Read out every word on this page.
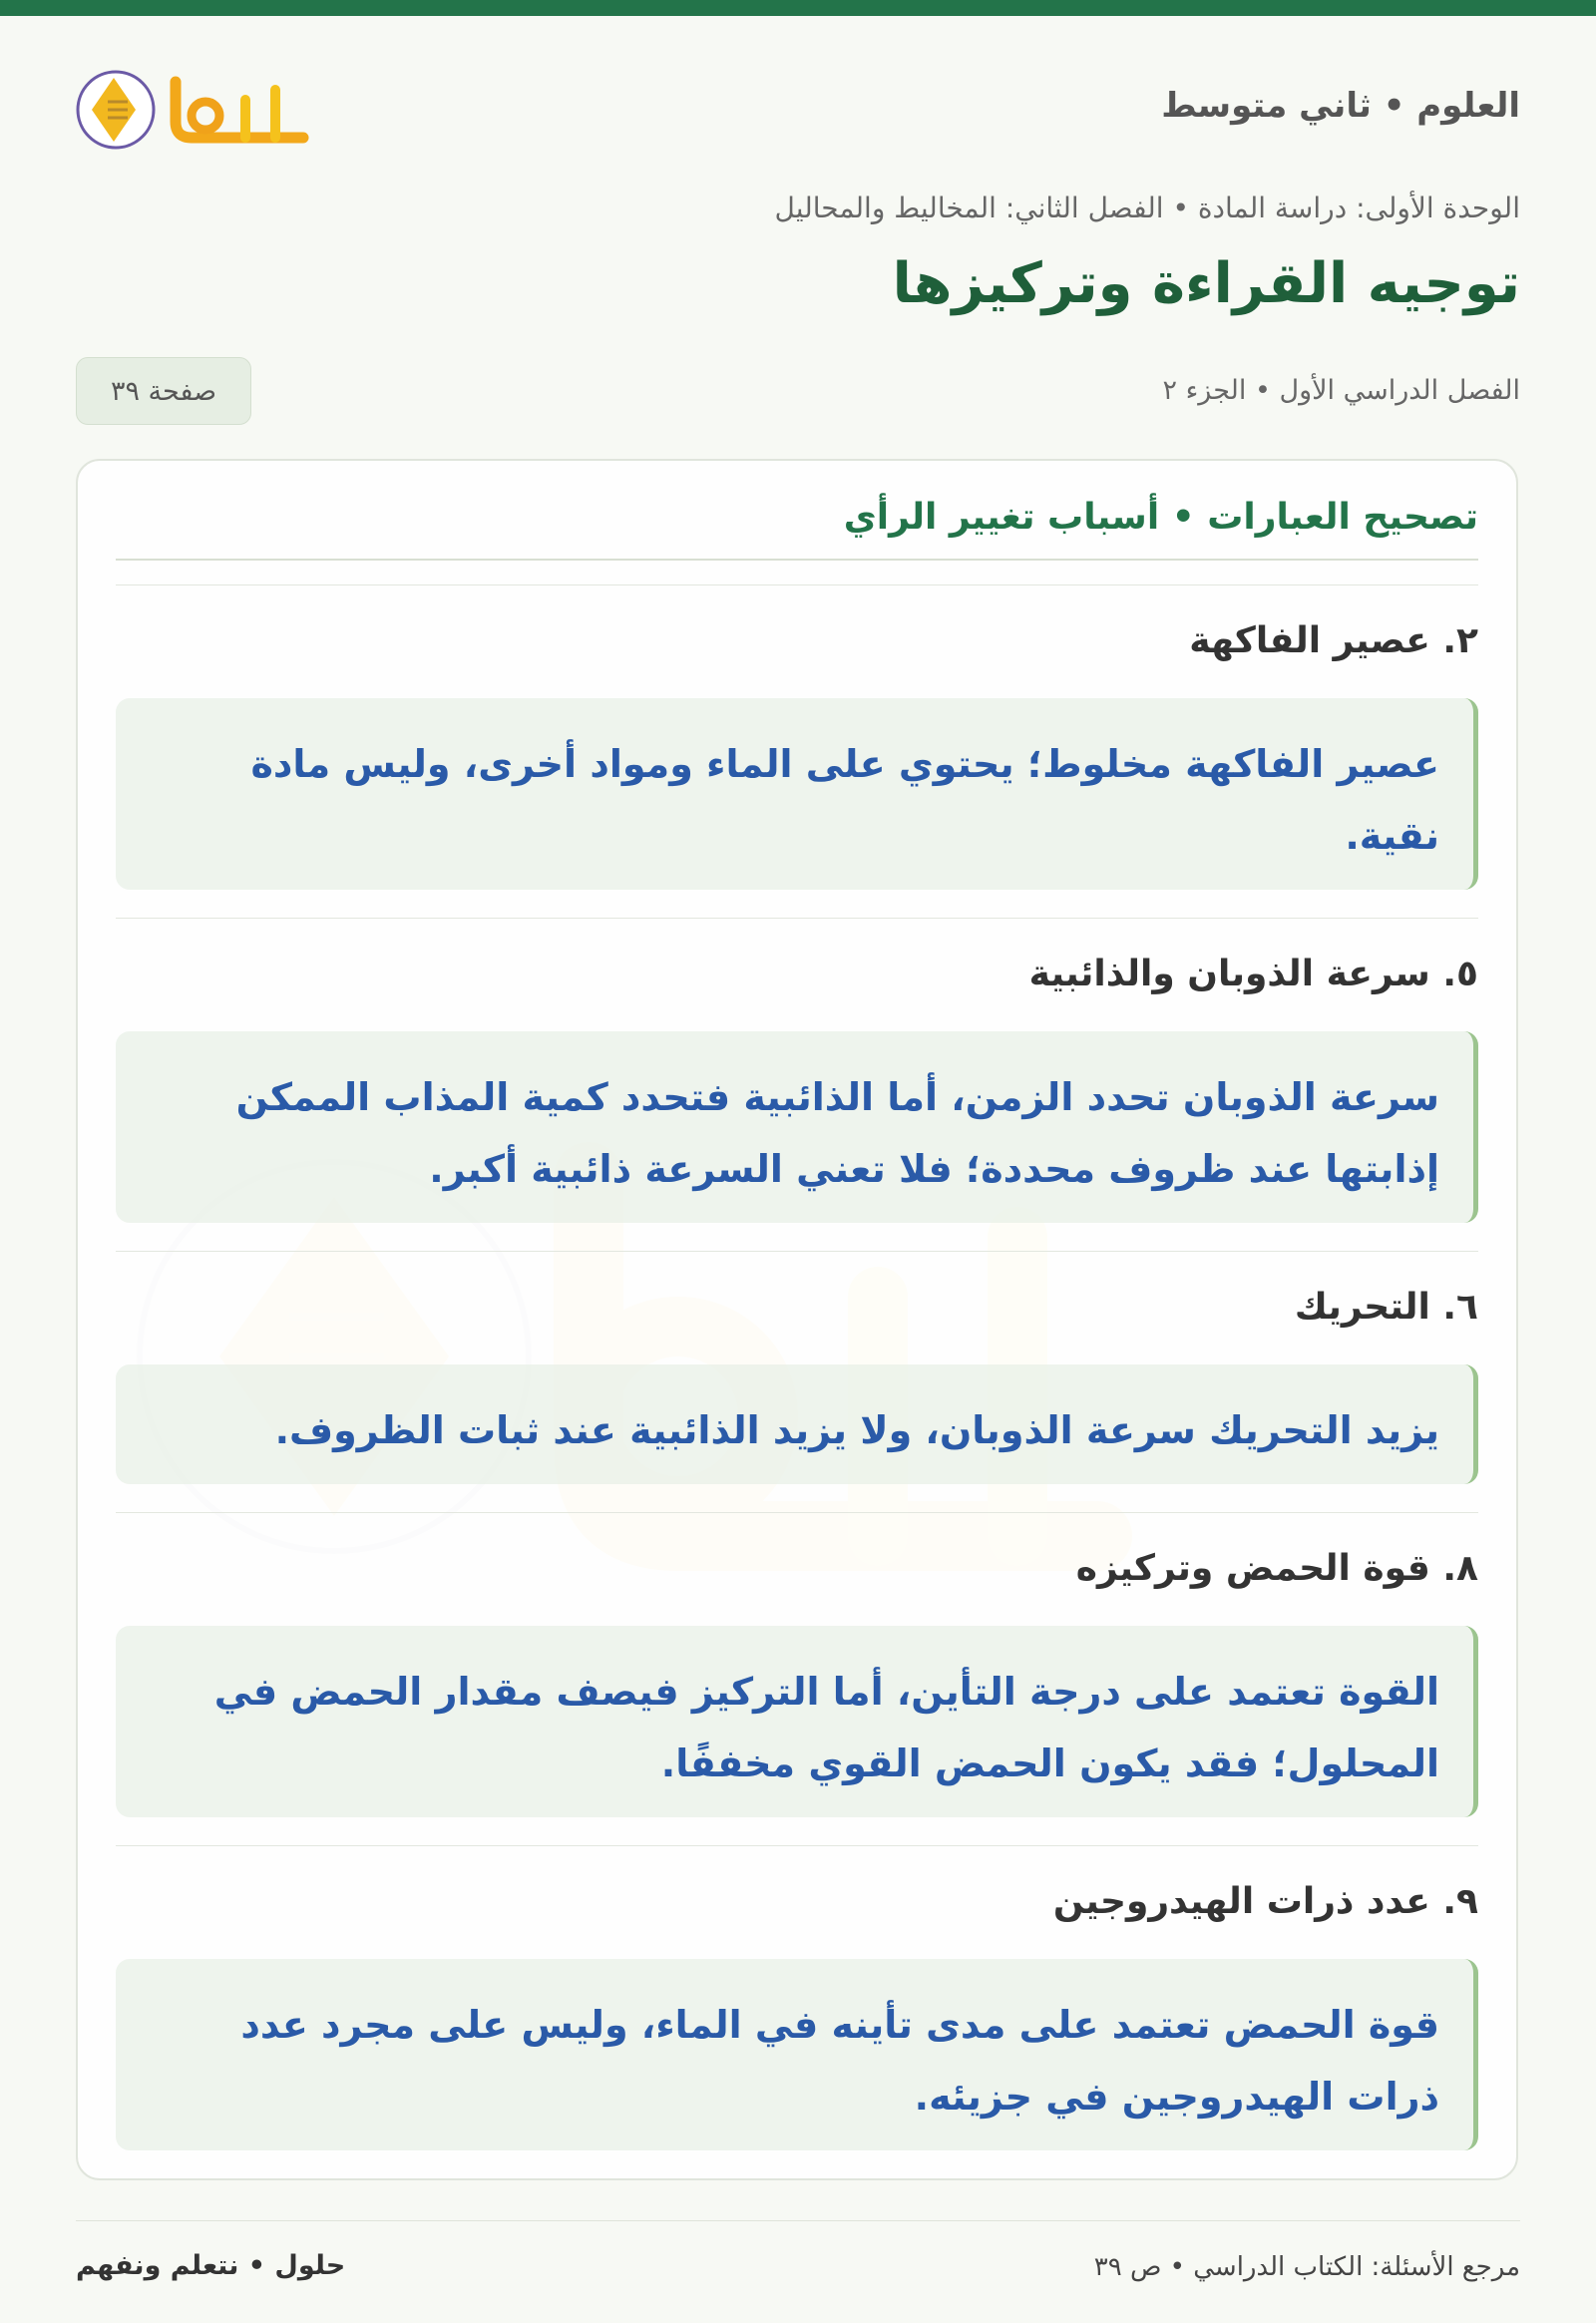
العلوم • ثاني متوسط
حلول
الوحدة الأولى: دراسة المادة • الفصل الثاني: المخاليط والمحاليل
توجيه القراءة وتركيزها
الفصل الدراسي الأول • الجزء ٢
صفحة ٣٩
تصحيح العبارات • أسباب تغيير الرأي
٢. عصير الفاكهة
عصير الفاكهة مخلوط؛ يحتوي على الماء ومواد أخرى، وليس مادة نقية.
٥. سرعة الذوبان والذائبية
سرعة الذوبان تحدد الزمن، أما الذائبية فتحدد كمية المذاب الممكن إذابتها عند ظروف محددة؛ فلا تعني السرعة ذائبية أكبر.
٦. التحريك
يزيد التحريك سرعة الذوبان، ولا يزيد الذائبية عند ثبات الظروف.
٨. قوة الحمض وتركيزه
القوة تعتمد على درجة التأين، أما التركيز فيصف مقدار الحمض في المحلول؛ فقد يكون الحمض القوي مخففًا.
٩. عدد ذرات الهيدروجين
قوة الحمض تعتمد على مدى تأينه في الماء، وليس على مجرد عدد ذرات الهيدروجين في جزيئه.
مرجع الأسئلة: الكتاب الدراسي • ص ٣٩
حلول • نتعلم ونفهم
